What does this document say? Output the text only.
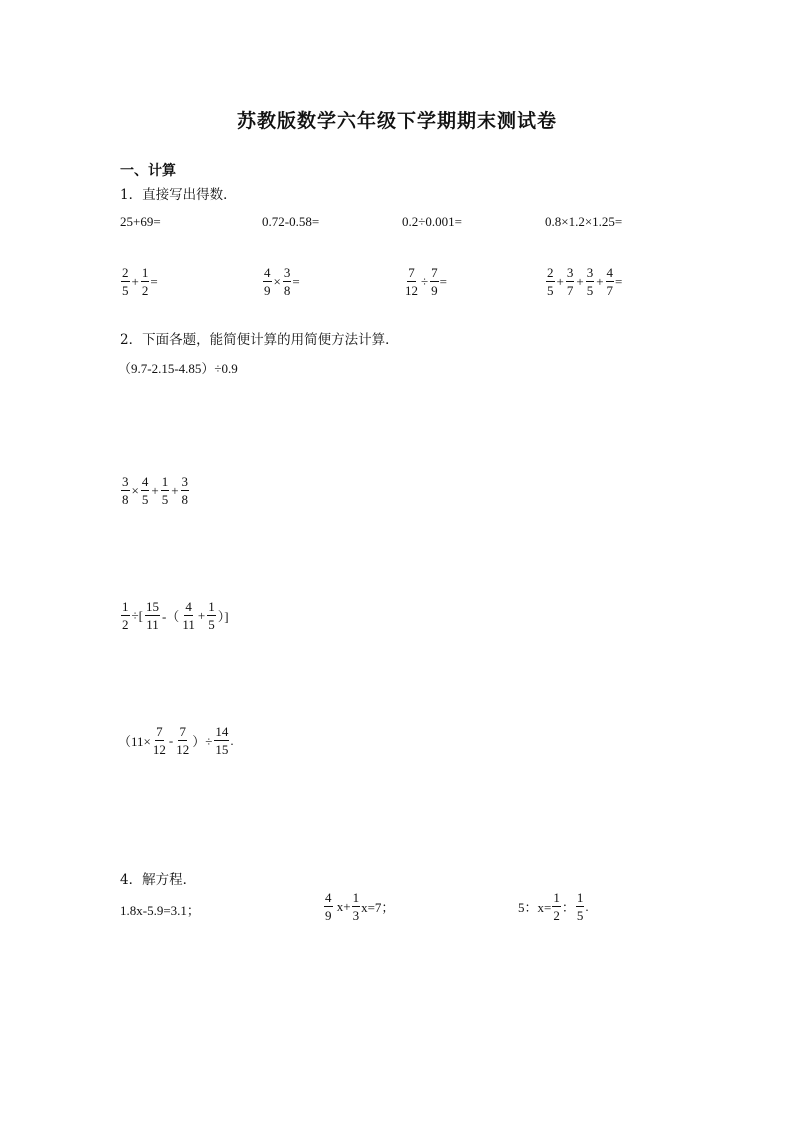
苏教版数学六年级下学期期末测试卷
一、计算
1．直接写出得数．
25+69=	0.72-0.58=	0.2÷0.001=	0.8×1.2×1.25=
$\frac{2}{5} + \frac{1}{2}$ =	$\frac{4}{9} \times \frac{3}{8}$ =	$\frac{7}{12} \div \frac{7}{9}$ =	$\frac{2}{5} + \frac{3}{7} + \frac{3}{5} + \frac{4}{7}$ =
2．下面各题，能简便计算的用简便方法计算．
（9.7-2.15-4.85）÷0.9
$\frac{3}{8} \times \frac{4}{5} + \frac{1}{5} + \frac{3}{8}$
$\frac{1}{2}$ ÷[ $\frac{15}{11}$ -（ $\frac{4}{11} + \frac{1}{5}$ ）]
（$11\times \frac{7}{12} - \frac{7}{12}$ ）÷ $\frac{14}{15}$ .
4．解方程．
1.8x-5.9=3.1；	$\frac{4}{9} x+ \frac{1}{3} x=7$；	5：$x= \frac{1}{2}$ ： $\frac{1}{5}$ .
